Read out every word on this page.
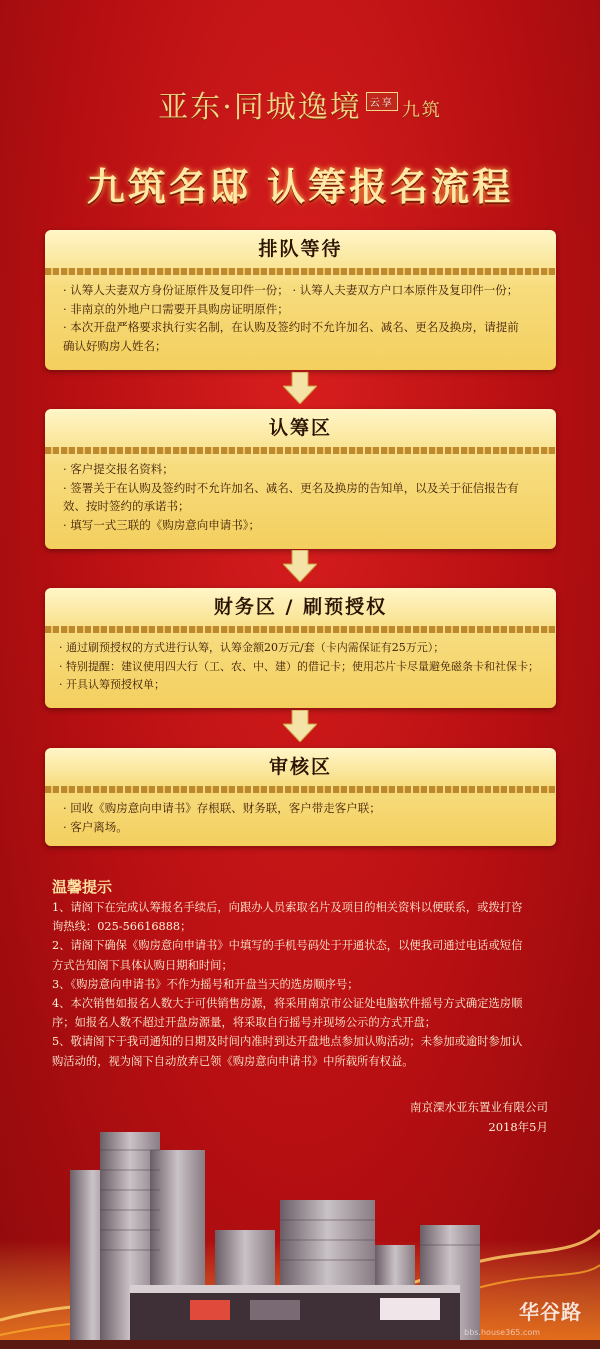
亚东·同城逸境 云享 九筑
九筑名邸 认筹报名流程
排队等待

· 认筹人夫妻双方身份证原件及复印件一份； · 认筹人夫妻双方户口本原件及复印件一份；

· 非南京的外地户口需要开具购房证明原件；

· 本次开盘严格要求执行实名制，在认购及签约时不允许加名、减名、更名及换房，请提前

确认好购房人姓名；

认筹区

· 客户提交报名资料；

· 签署关于在认购及签约时不允许加名、减名、更名及换房的告知单，以及关于征信报告有

效、按时签约的承诺书；

· 填写一式三联的《购房意向申请书》；

财务区 / 刷预授权

· 通过刷预授权的方式进行认筹，认筹金额20万元/套（卡内需保证有25万元）；

· 特别提醒：建议使用四大行（工、农、中、建）的借记卡；使用芯片卡尽量避免磁条卡和社保卡；

· 开具认筹预授权单；

审核区

· 回收《购房意向申请书》存根联、财务联，客户带走客户联；

· 客户离场。

温馨提示

1、请阁下在完成认筹报名手续后，向跟办人员索取名片及项目的相关资料以便联系，或拨打咨

询热线：025-56616888；

2、请阁下确保《购房意向申请书》中填写的手机号码处于开通状态，以便我司通过电话或短信

方式告知阁下具体认购日期和时间；

3、《购房意向申请书》不作为摇号和开盘当天的选房顺序号；

4、本次销售如报名人数大于可供销售房源，将采用南京市公证处电脑软件摇号方式确定选房顺

序；如报名人数不超过开盘房源量，将采取自行摇号并现场公示的方式开盘；

5、敬请阁下于我司通知的日期及时间内准时到达开盘地点参加认购活动；未参加或逾时参加认

购活动的，视为阁下自动放弃已领《购房意向申请书》中所载所有权益。

南京溧水亚东置业有限公司
2018年5月
华谷路
bbs.house365.com
